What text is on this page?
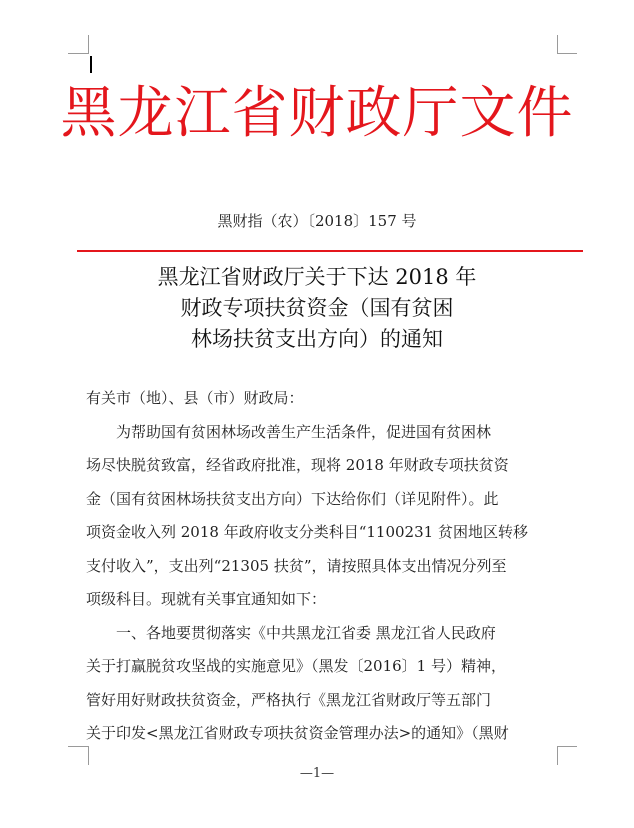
黑龙江省财政厅文件
黑财指（农）〔2018〕157 号
黑龙江省财政厅关于下达 2018 年
财政专项扶贫资金（国有贫困
林场扶贫支出方向）的通知
有关市（地）、县（市）财政局：
为帮助国有贫困林场改善生产生活条件，促进国有贫困林
场尽快脱贫致富，经省政府批准，现将 2018 年财政专项扶贫资
金（国有贫困林场扶贫支出方向）下达给你们（详见附件）。此
项资金收入列 2018 年政府收支分类科目“1100231 贫困地区转移
支付收入”，支出列“21305 扶贫”，请按照具体支出情况分列至
项级科目。现就有关事宜通知如下：
一、各地要贯彻落实《中共黑龙江省委 黑龙江省人民政府
关于打赢脱贫攻坚战的实施意见》（黑发〔2016〕1 号）精神，
管好用好财政扶贫资金，严格执行《黑龙江省财政厅等五部门
关于印发<黑龙江省财政专项扶贫资金管理办法>的通知》（黑财
—1—
